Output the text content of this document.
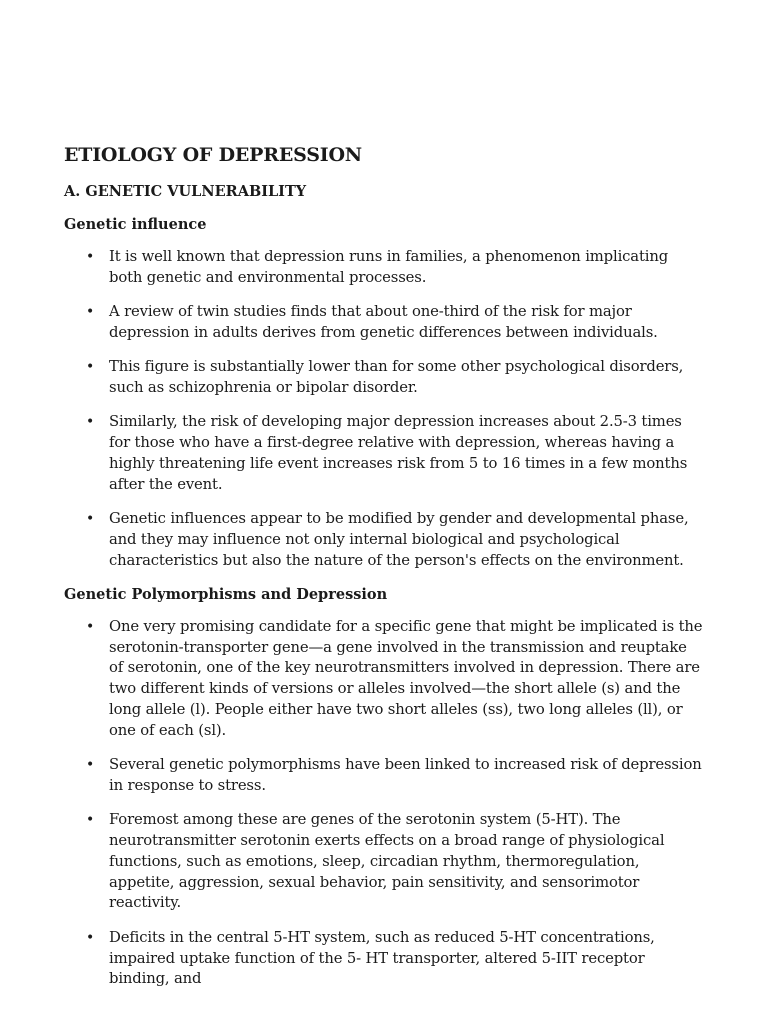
ETIOLOGY OF DEPRESSION
A. GENETIC VULNERABILITY
Genetic influence
• It is well known that depression runs in families, a phenomenon implicating both genetic and environmental processes.
• A review of twin studies finds that about one-third of the risk for major depression in adults derives from genetic differences between individuals.
• This figure is substantially lower than for some other psychological disorders, such as schizophrenia or bipolar disorder.
• Similarly, the risk of developing major depression increases about 2.5-3 times for those who have a first-degree relative with depression, whereas having a highly threatening life event increases risk from 5 to 16 times in a few months after the event.
• Genetic influences appear to be modified by gender and developmental phase, and they may influence not only internal biological and psychological characteristics but also the nature of the person's effects on the environment.
Genetic Polymorphisms and Depression
• One very promising candidate for a specific gene that might be implicated is the serotonin-transporter gene—a gene involved in the transmission and reuptake of serotonin, one of the key neurotransmitters involved in depression. There are two different kinds of versions or alleles involved—the short allele (s) and the long allele (l). People either have two short alleles (ss), two long alleles (ll), or one of each (sl).
• Several genetic polymorphisms have been linked to increased risk of depression in response to stress.
• Foremost among these are genes of the serotonin system (5-HT). The neurotransmitter serotonin exerts effects on a broad range of physiological functions, such as emotions, sleep, circadian rhythm, thermoregulation, appetite, aggression, sexual behavior, pain sensitivity, and sensorimotor reactivity.
• Deficits in the central 5-HT system, such as reduced 5-HT concentrations, impaired uptake function of the 5- HT transporter, altered 5-IIT receptor binding, and
